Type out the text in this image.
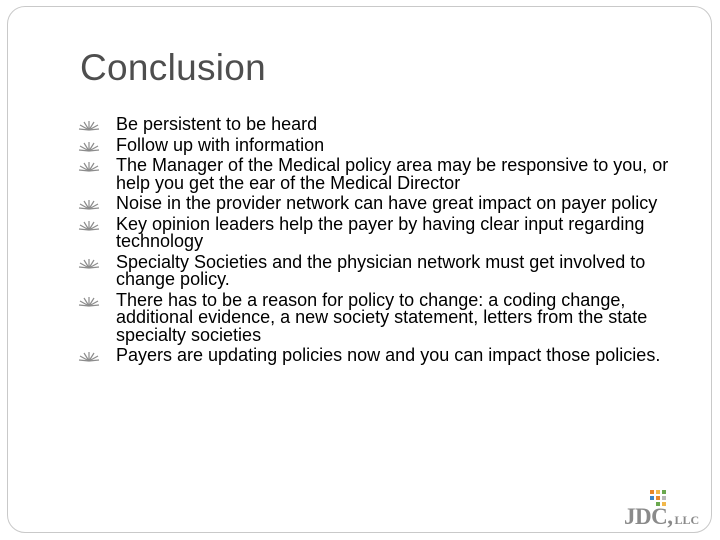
Conclusion
Be persistent to be heard
Follow up with information
The Manager of the Medical policy area may be responsive to you, or help you get the ear of the Medical Director
Noise in the provider network can have great impact on payer policy
Key opinion leaders help the payer by having clear input regarding technology
Specialty Societies and the physician network must get involved to change policy.
There has to be a reason for policy to change: a coding change, additional evidence, a new society statement, letters from the state specialty societies
Payers are updating policies now and you can impact those policies.
JDC, LLC
